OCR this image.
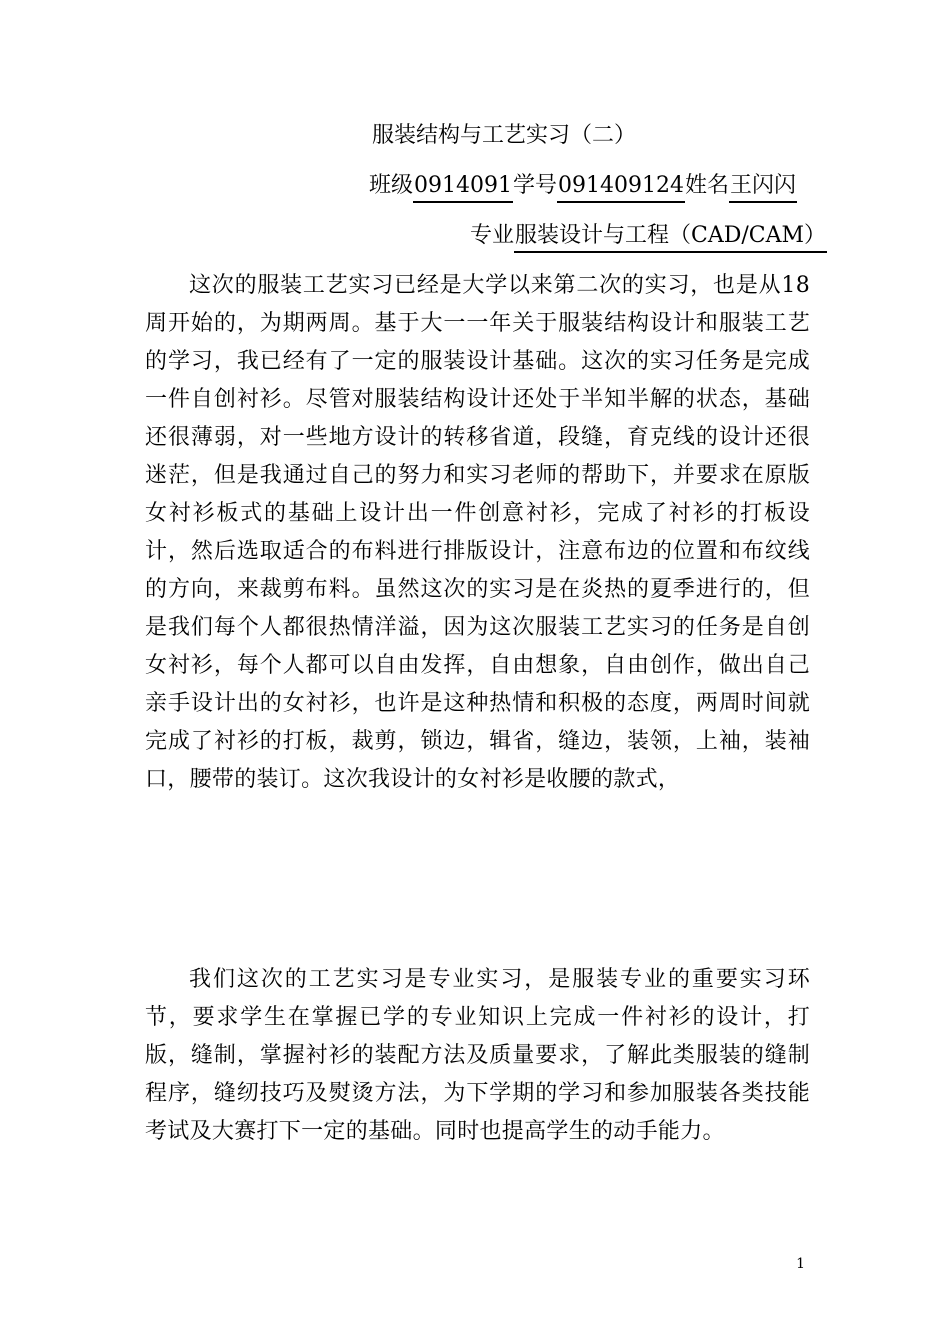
服装结构与工艺实习（二）
班级0914091学号091409124姓名王闪闪
专业服装设计与工程（CAD/CAM）

这次的服装工艺实习已经是大学以来第二次的实习，也是从18周开始的，为期两周。基于大一一年关于服装结构设计和服装工艺的学习，我已经有了一定的服装设计基础。这次的实习任务是完成一件自创衬衫。尽管对服装结构设计还处于半知半解的状态，基础还很薄弱，对一些地方设计的转移省道，段缝，育克线的设计还很迷茫，但是我通过自己的努力和实习老师的帮助下，并要求在原版女衬衫板式的基础上设计出一件创意衬衫，完成了衬衫的打板设计，然后选取适合的布料进行排版设计，注意布边的位置和布纹线的方向，来裁剪布料。虽然这次的实习是在炎热的夏季进行的，但是我们每个人都很热情洋溢，因为这次服装工艺实习的任务是自创女衬衫，每个人都可以自由发挥，自由想象，自由创作，做出自己亲手设计出的女衬衫，也许是这种热情和积极的态度，两周时间就完成了衬衫的打板，裁剪，锁边，辑省，缝边，装领，上袖，装袖口，腰带的装订。这次我设计的女衬衫是收腰的款式，

我们这次的工艺实习是专业实习，是服装专业的重要实习环节，要求学生在掌握已学的专业知识上完成一件衬衫的设计，打版，缝制，掌握衬衫的装配方法及质量要求，了解此类服装的缝制程序，缝纫技巧及熨烫方法，为下学期的学习和参加服装各类技能考试及大赛打下一定的基础。同时也提高学生的动手能力。

1
